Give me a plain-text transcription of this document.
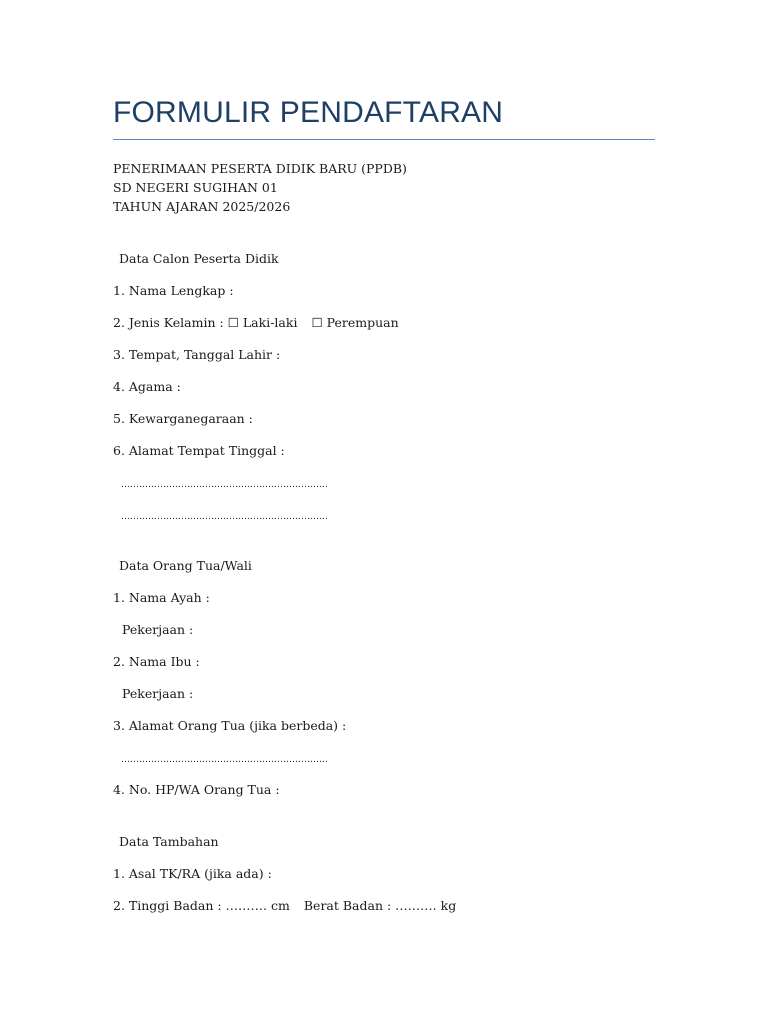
FORMULIR PENDAFTARAN
PENERIMAAN PESERTA DIDIK BARU (PPDB)
SD NEGERI SUGIHAN 01
TAHUN AJARAN 2025/2026
Data Calon Peserta Didik
1. Nama Lengkap :
2. Jenis Kelamin : ☐ Laki-laki ☐ Perempuan
3. Tempat, Tanggal Lahir :
4. Agama :
5. Kewarganegaraan :
6. Alamat Tempat Tinggal :
……………………………………………………………
……………………………………………………………
Data Orang Tua/Wali
1. Nama Ayah :
Pekerjaan :
2. Nama Ibu :
Pekerjaan :
3. Alamat Orang Tua (jika berbeda) :
……………………………………………………………
4. No. HP/WA Orang Tua :
Data Tambahan
1. Asal TK/RA (jika ada) :
2. Tinggi Badan : ………. cm Berat Badan : ………. kg
